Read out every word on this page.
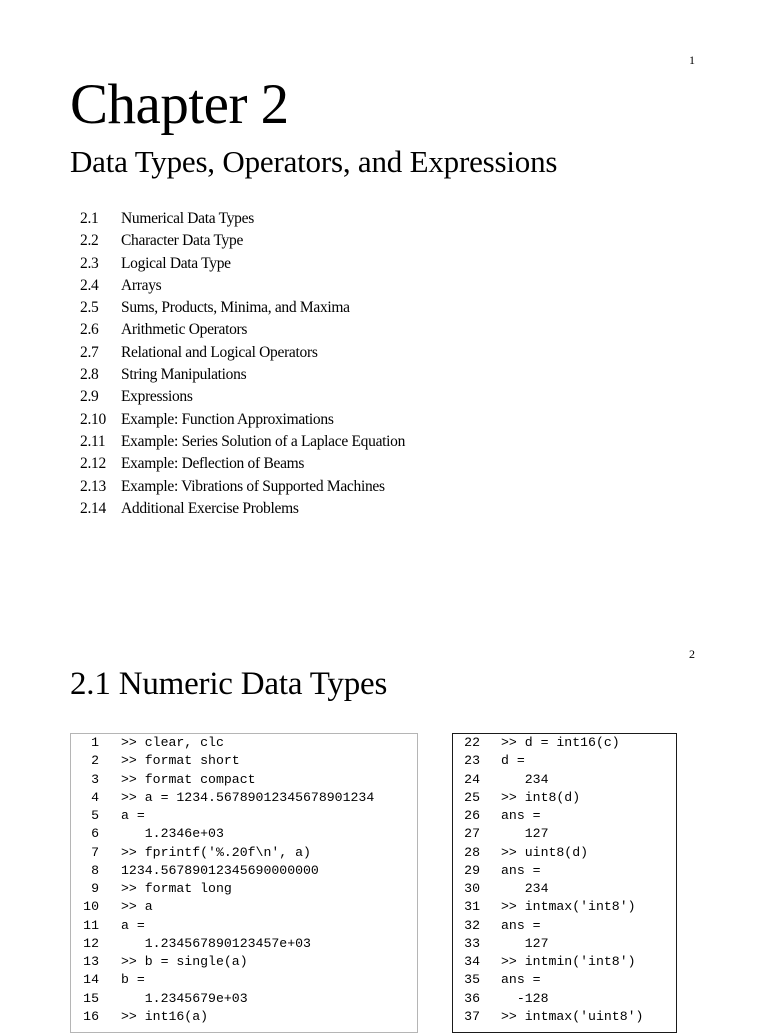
1
Chapter 2
Data Types, Operators, and Expressions
2.1	Numerical Data Types
2.2	Character Data Type
2.3	Logical Data Type
2.4	Arrays
2.5	Sums, Products, Minima, and Maxima
2.6	Arithmetic Operators
2.7	Relational and Logical Operators
2.8	String Manipulations
2.9	Expressions
2.10 Example: Function Approximations
2.11	Example: Series Solution of a Laplace Equation
2.12 Example: Deflection of Beams
2.13 Example: Vibrations of Supported Machines
2.14 Additional Exercise Problems
2
2.1 Numeric Data Types
1	>> clear, clc
2	>> format short
3	>> format compact
4	>> a = 1234.56789012345678901234
5	a =
6	1.2346e+03
7	>> fprintf('%.20f\n', a)
8	1234.56789012345690000000
9	>> format long
10	>> a
11	a =
12	1.234567890123457e+03
13	>> b = single(a)
14	b =
15	1.2345679e+03
16	>> int16(a)
22	>> d = int16(c)
23	d =
24	234
25	>> int8(d)
26	ans =
27	127
28	>> uint8(d)
29	ans =
30	234
31	>> intmax('int8')
32	ans =
33	127
34	>> intmin('int8')
35	ans =
36	-128
37	>> intmax('uint8')
